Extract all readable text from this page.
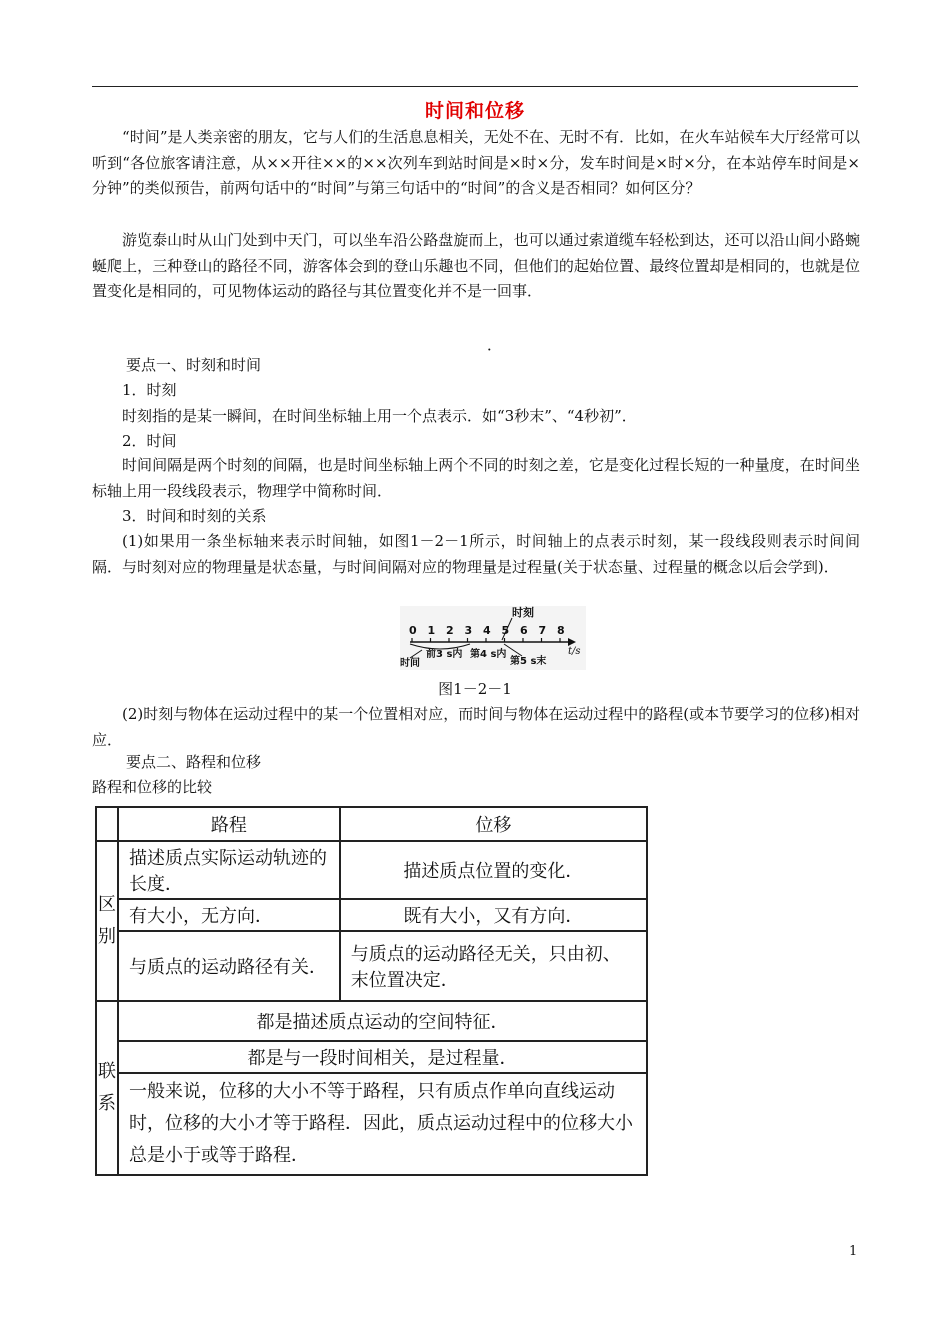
时间和位移

“时间”是人类亲密的朋友，它与人们的生活息息相关，无处不在、无时不有．比如，在火车站候车大厅经常可以听到“各位旅客请注意，从××开往××的××次列车到站时间是×时×分，发车时间是×时×分，在本站停车时间是×分钟”的类似预告，前两句话中的“时间”与第三句话中的“时间”的含义是否相同？如何区分？

游览泰山时从山门处到中天门，可以坐车沿公路盘旋而上，也可以通过索道缆车轻松到达，还可以沿山间小路蜿蜒爬上，三种登山的路径不同，游客体会到的登山乐趣也不同，但他们的起始位置、最终位置却是相同的，也就是位置变化是相同的，可见物体运动的路径与其位置变化并不是一回事．

．
要点一、时刻和时间
1．时刻
时刻指的是某一瞬间，在时间坐标轴上用一个点表示．如“3秒末”、“4秒初”．
2．时间

时间间隔是两个时刻的间隔，也是时间坐标轴上两个不同的时刻之差，它是变化过程长短的一种量度，在时间坐标轴上用一段线段表示，物理学中简称时间．

3．时间和时刻的关系

(1)如果用一条坐标轴来表示时间轴，如图1－2－1所示，时间轴上的点表示时刻，某一段线段则表示时间间隔．与时刻对应的物理量是状态量，与时间间隔对应的物理量是过程量(关于状态量、过程量的概念以后会学到)．

时刻
0 1 2 3 4 5 6 7 8
t/s
时间
前3 s内 第4 s内
第5 s末
图1－2－1

(2)时刻与物体在运动过程中的某一个位置相对应，而时间与物体在运动过程中的路程(或本节要学习的位移)相对应．

要点二、路程和位移
路程和位移的比较
	路程	位移
区
别	描述质点实际运动轨迹的长度．	描述质点位置的变化．
	有大小，无方向．	既有大小，又有方向．
	与质点的运动路径有关．	与质点的运动路径无关，只由初、末位置决定．
联
系	都是描述质点运动的空间特征．	
	都是与一段时间相关，是过程量．	
	一般来说，位移的大小不等于路程，只有质点作单向直线运动时，位移的大小才等于路程．因此，质点运动过程中的位移大小总是小于或等于路程．	
1
